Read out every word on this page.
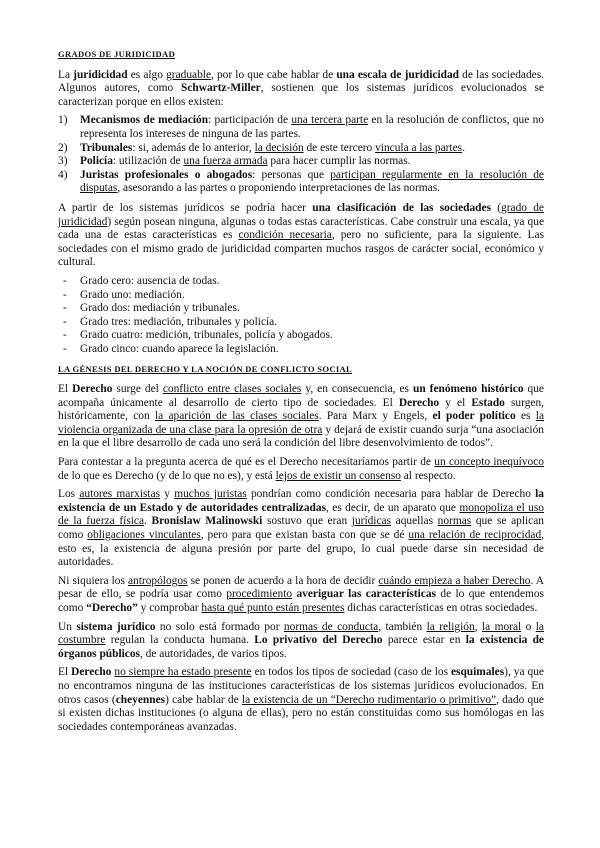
GRADOS DE JURIDICIDAD

La juridicidad es algo graduable, por lo que cabe hablar de una escala de juridicidad de las sociedades. Algunos autores, como Schwartz-Miller, sostienen que los sistemas jurídicos evolucionados se caracterizan porque en ellos existen:

1) Mecanismos de mediación: participación de una tercera parte en la resolución de conflictos, que no representa los intereses de ninguna de las partes.
2) Tribunales: si, además de lo anterior, la decisión de este tercero vincula a las partes.
3) Policía: utilización de una fuerza armada para hacer cumplir las normas.
4) Juristas profesionales o abogados: personas que participan regularmente en la resolución de disputas, asesorando a las partes o proponiendo interpretaciones de las normas.

A partir de los sistemas jurídicos se podría hacer una clasificación de las sociedades (grado de juridicidad) según posean ninguna, algunas o todas estas características. Cabe construir una escala, ya que cada una de estas características es condición necesaria, pero no suficiente, para la siguiente. Las sociedades con el mismo grado de juridicidad comparten muchos rasgos de carácter social, económico y cultural.

- Grado cero: ausencia de todas.
- Grado uno: mediación.
- Grado dos: mediación y tribunales.
- Grado tres: mediación, tribunales y policía.
- Grado cuatro: medición, tribunales, policía y abogados.
- Grado cinco: cuando aparece la legislación.
LA GÉNESIS DEL DERECHO Y LA NOCIÓN DE CONFLICTO SOCIAL

El Derecho surge del conflicto entre clases sociales y, en consecuencia, es un fenómeno histórico que acompaña únicamente al desarrollo de cierto tipo de sociedades. El Derecho y el Estado surgen, históricamente, con la aparición de las clases sociales. Para Marx y Engels, el poder político es la violencia organizada de una clase para la opresión de otra y dejará de existir cuando surja “una asociación en la que el libre desarrollo de cada uno será la condición del libre desenvolvimiento de todos”.

Para contestar a la pregunta acerca de qué es el Derecho necesitaríamos partir de un concepto inequívoco de lo que es Derecho (y de lo que no es), y está lejos de existir un consenso al respecto.

Los autores marxistas y muchos juristas pondrían como condición necesaria para hablar de Derecho la existencia de un Estado y de autoridades centralizadas, es decir, de un aparato que monopoliza el uso de la fuerza física. Bronislaw Malinowski sostuvo que eran jurídicas aquellas normas que se aplican como obligaciones vinculantes, pero para que existan basta con que se dé una relación de reciprocidad, esto es, la existencia de alguna presión por parte del grupo, lo cual puede darse sin necesidad de autoridades.

Ni siquiera los antropólogos se ponen de acuerdo a la hora de decidir cuándo empieza a haber Derecho. A pesar de ello, se podría usar como procedimiento averiguar las características de lo que entendemos como “Derecho” y comprobar hasta qué punto están presentes dichas características en otras sociedades.

Un sistema jurídico no solo está formado por normas de conducta, también la religión, la moral o la costumbre regulan la conducta humana. Lo privativo del Derecho parece estar en la existencia de órganos públicos, de autoridades, de varios tipos.

El Derecho no siempre ha estado presente en todos los tipos de sociedad (caso de los esquimales), ya que no encontramos ninguna de las instituciones características de los sistemas jurídicos evolucionados. En otros casos (cheyennes) cabe hablar de la existencia de un “Derecho rudimentario o primitivo”, dado que si existen dichas instituciones (o alguna de ellas), pero no están constituidas como sus homólogas en las sociedades contemporáneas avanzadas.
